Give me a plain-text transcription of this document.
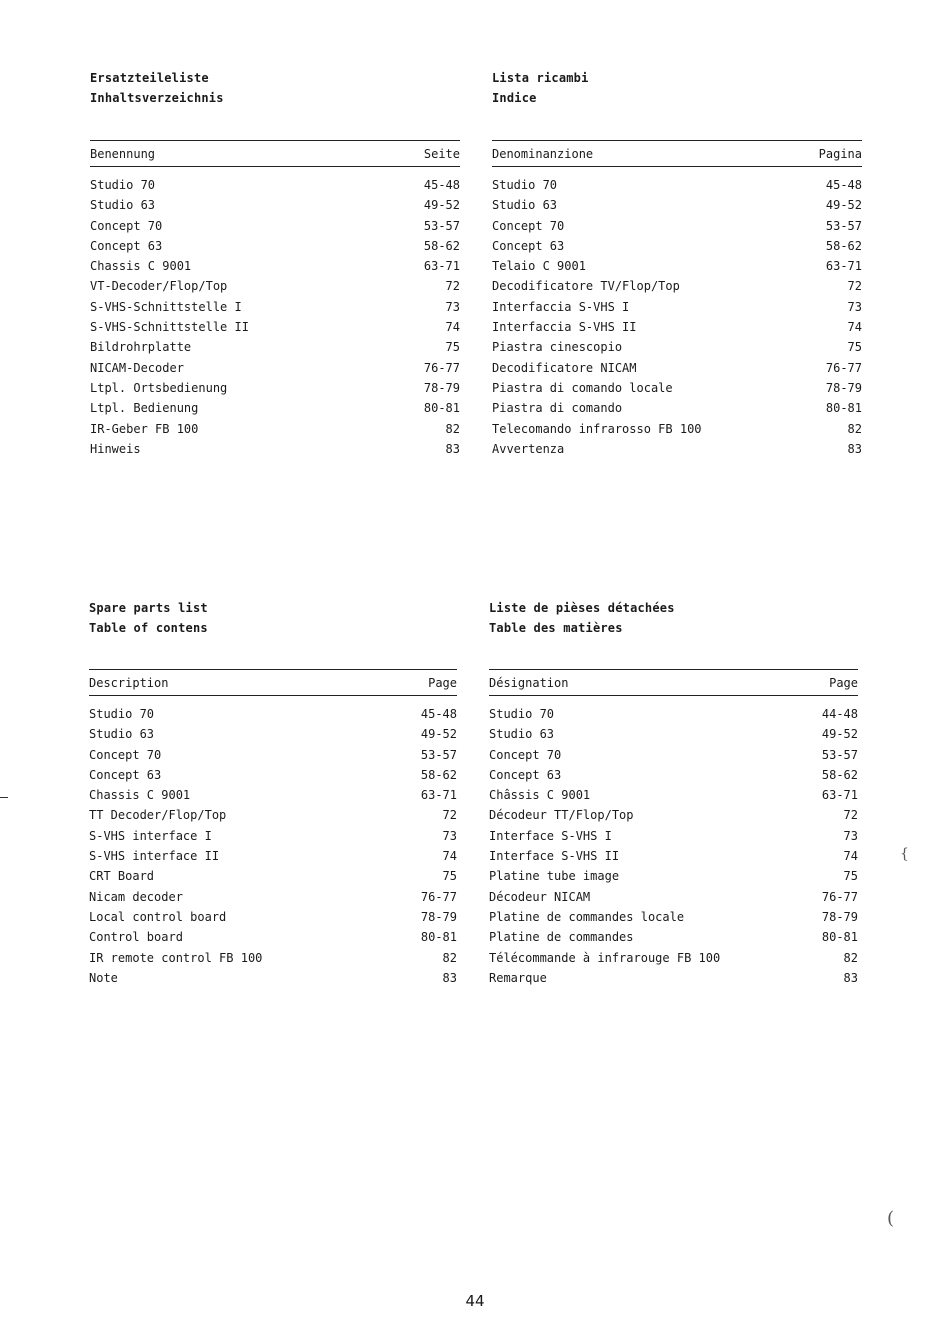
Ersatzteileliste
Inhaltsverzeichnis
Benennung	Seite
Studio 70	45-48
Studio 63	49-52
Concept 70	53-57
Concept 63	58-62
Chassis C 9001	63-71
VT-Decoder/Flop/Top	72
S-VHS-Schnittstelle I	73
S-VHS-Schnittstelle II	74
Bildrohrplatte	75
NICAM-Decoder	76-77
Ltpl. Ortsbedienung	78-79
Ltpl. Bedienung	80-81
IR-Geber FB 100	82
Hinweis	83
Lista ricambi
Indice
Denominanzione	Pagina
Studio 70	45-48
Studio 63	49-52
Concept 70	53-57
Concept 63	58-62
Telaio C 9001	63-71
Decodificatore TV/Flop/Top	72
Interfaccia S-VHS I	73
Interfaccia S-VHS II	74
Piastra cinescopio	75
Decodificatore NICAM	76-77
Piastra di comando locale	78-79
Piastra di comando	80-81
Telecomando infrarosso FB 100	82
Avvertenza	83
Spare parts list
Table of contens
Description	Page
Studio 70	45-48
Studio 63	49-52
Concept 70	53-57
Concept 63	58-62
Chassis C 9001	63-71
TT Decoder/Flop/Top	72
S-VHS interface I	73
S-VHS interface II	74
CRT Board	75
Nicam decoder	76-77
Local control board	78-79
Control board	80-81
IR remote control FB 100	82
Note	83
Liste de pièses détachées
Table des matières
Désignation	Page
Studio 70	44-48
Studio 63	49-52
Concept 70	53-57
Concept 63	58-62
Châssis C 9001	63-71
Décodeur TT/Flop/Top	72
Interface S-VHS I	73
Interface S-VHS II	74
Platine tube image	75
Décodeur NICAM	76-77
Platine de commandes locale	78-79
Platine de commandes	80-81
Télécommande à infrarouge FB 100	82
Remarque	83
44
(
{
